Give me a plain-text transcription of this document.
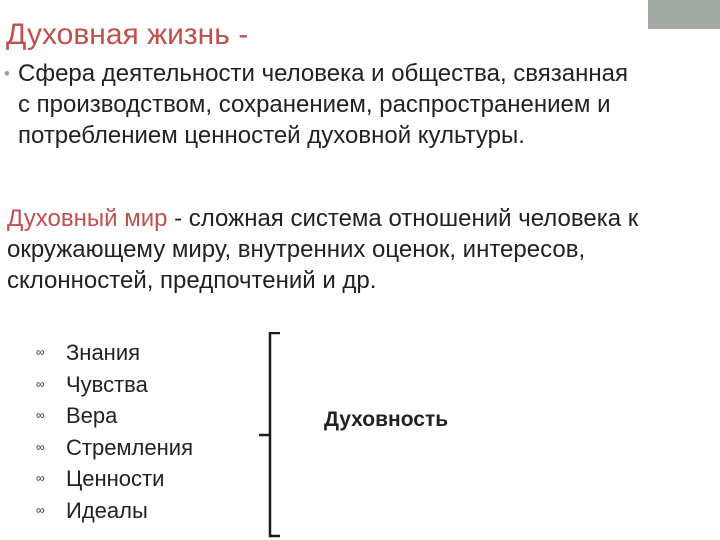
Духовная жизнь -
• Сфера деятельности человека и общества, связанная с производством, сохранением, распространением и потреблением ценностей духовной культуры.
Духовный мир - сложная система отношений человека к окружающему миру, внутренних оценок, интересов, склонностей, предпочтений и др.
∞ Знания
∞ Чувства
∞ Вера
∞ Стремления
∞ Ценности
∞ Идеалы
Духовность
